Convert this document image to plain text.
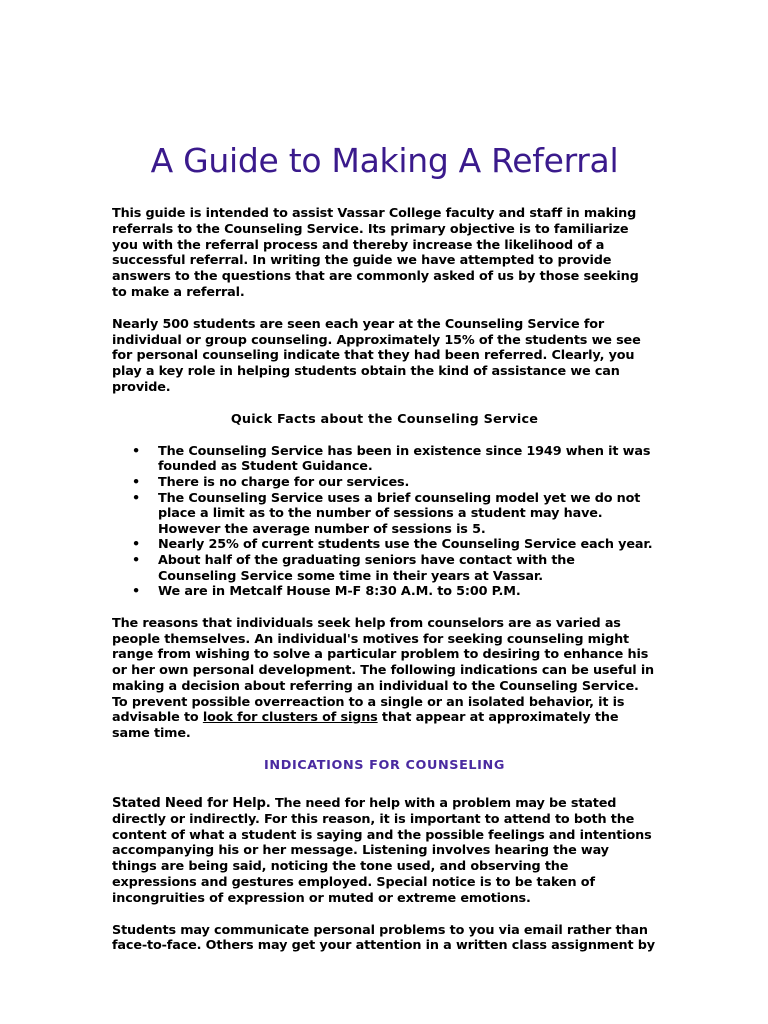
A Guide to Making A Referral

This guide is intended to assist Vassar College faculty and staff in making referrals to the Counseling Service. Its primary objective is to familiarize you with the referral process and thereby increase the likelihood of a successful referral. In writing the guide we have attempted to provide answers to the questions that are commonly asked of us by those seeking to make a referral.

Nearly 500 students are seen each year at the Counseling Service for individual or group counseling. Approximately 15% of the students we see for personal counseling indicate that they had been referred. Clearly, you play a key role in helping students obtain the kind of assistance we can provide.

Quick Facts about the Counseling Service
• The Counseling Service has been in existence since 1949 when it was founded as Student Guidance.
• There is no charge for our services.
• The Counseling Service uses a brief counseling model yet we do not place a limit as to the number of sessions a student may have. However the average number of sessions is 5.
• Nearly 25% of current students use the Counseling Service each year.
• About half of the graduating seniors have contact with the Counseling Service some time in their years at Vassar.
• We are in Metcalf House M-F 8:30 A.M. to 5:00 P.M.

The reasons that individuals seek help from counselors are as varied as people themselves. An individual's motives for seeking counseling might range from wishing to solve a particular problem to desiring to enhance his or her own personal development. The following indications can be useful in making a decision about referring an individual to the Counseling Service. To prevent possible overreaction to a single or an isolated behavior, it is advisable to look for clusters of signs that appear at approximately the same time.

INDICATIONS FOR COUNSELING

Stated Need for Help. The need for help with a problem may be stated directly or indirectly. For this reason, it is important to attend to both the content of what a student is saying and the possible feelings and intentions accompanying his or her message. Listening involves hearing the way things are being said, noticing the tone used, and observing the expressions and gestures employed. Special notice is to be taken of incongruities of expression or muted or extreme emotions.

Students may communicate personal problems to you via email rather than face-to-face. Others may get your attention in a written class assignment by
